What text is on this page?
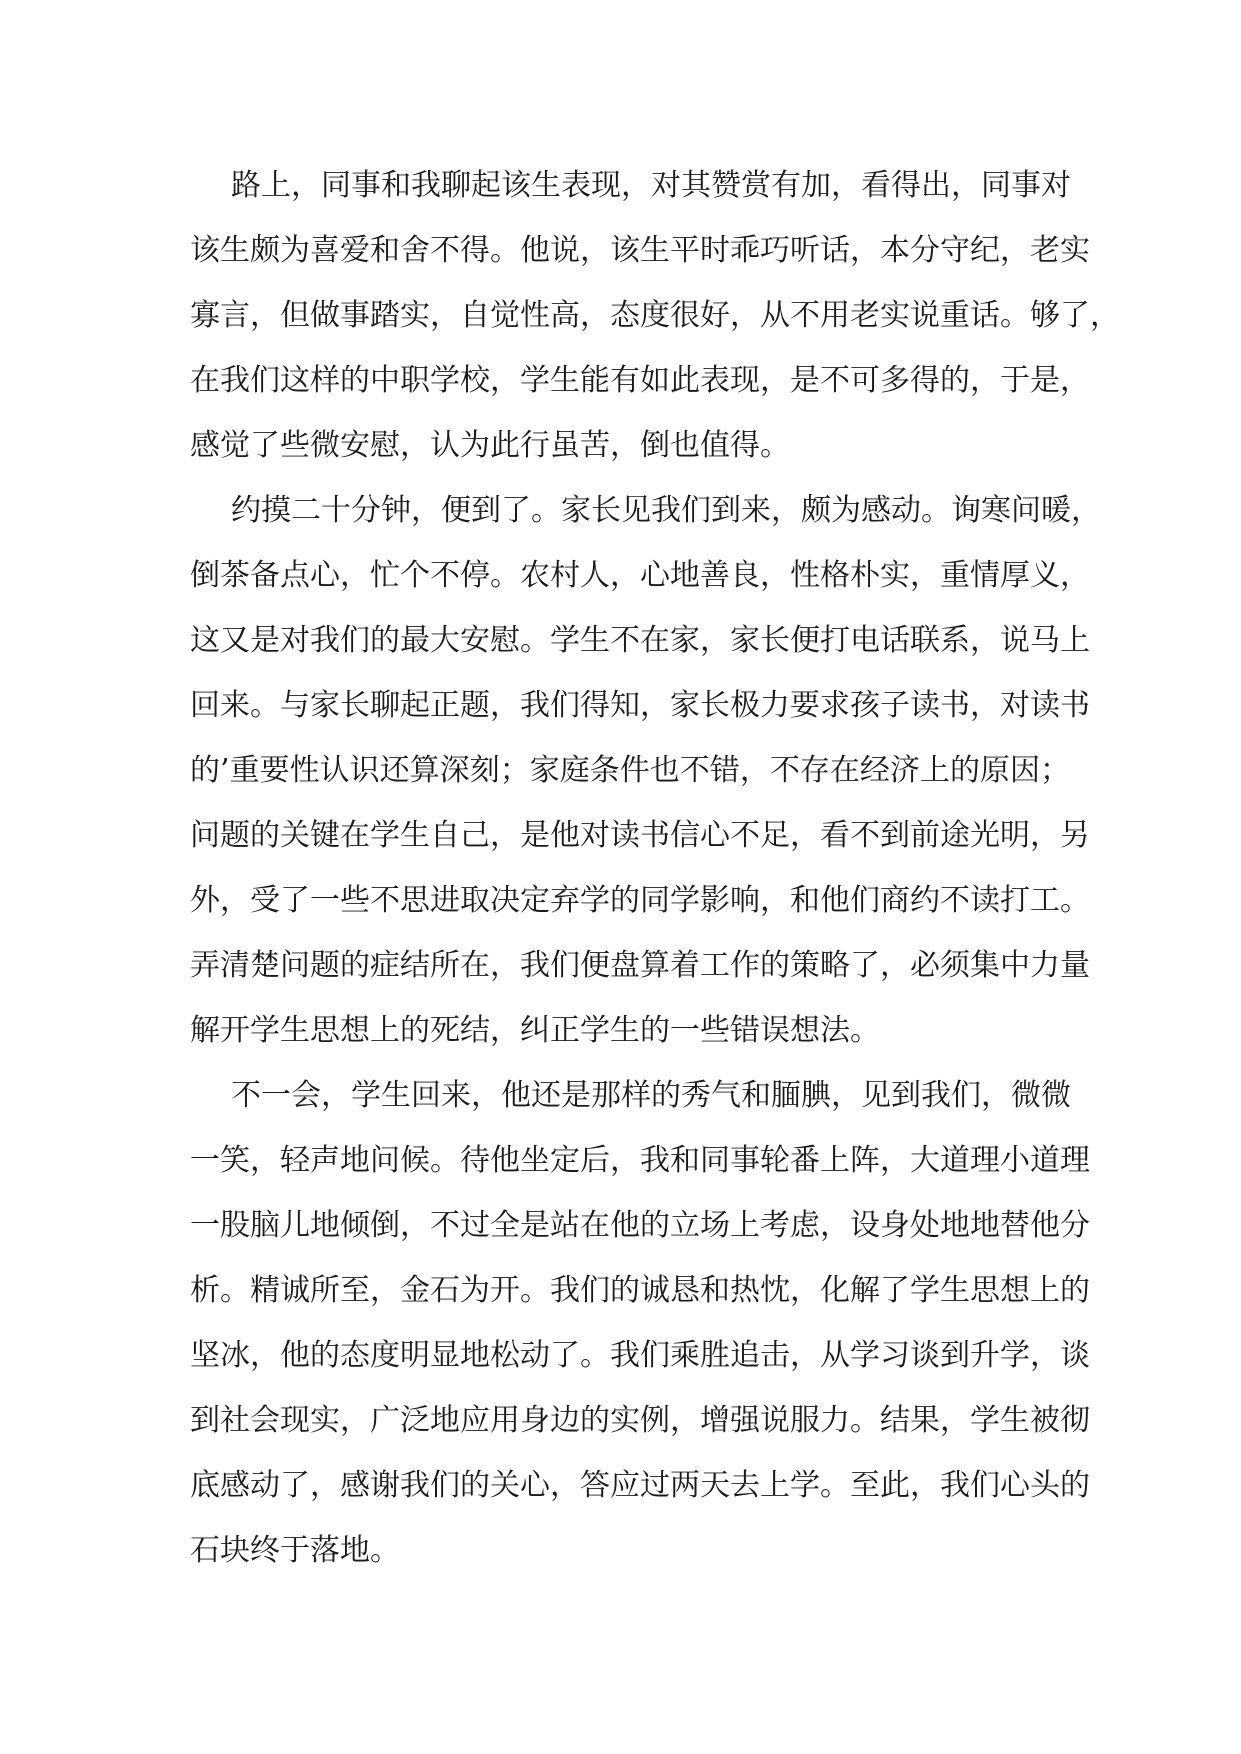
路上，同事和我聊起该生表现，对其赞赏有加，看得出，同事对
该生颇为喜爱和舍不得。他说，该生平时乖巧听话，本分守纪，老实
寡言，但做事踏实，自觉性高，态度很好，从不用老实说重话。够了，
在我们这样的中职学校，学生能有如此表现，是不可多得的，于是，
感觉了些微安慰，认为此行虽苦，倒也值得。

约摸二十分钟，便到了。家长见我们到来，颇为感动。询寒问暖，
倒茶备点心，忙个不停。农村人，心地善良，性格朴实，重情厚义，
这又是对我们的最大安慰。学生不在家，家长便打电话联系，说马上
回来。与家长聊起正题，我们得知，家长极力要求孩子读书，对读书
的’重要性认识还算深刻；家庭条件也不错，不存在经济上的原因；
问题的关键在学生自己，是他对读书信心不足，看不到前途光明，另
外，受了一些不思进取决定弃学的同学影响，和他们商约不读打工。
弄清楚问题的症结所在，我们便盘算着工作的策略了，必须集中力量
解开学生思想上的死结，纠正学生的一些错误想法。

不一会，学生回来，他还是那样的秀气和腼腆，见到我们，微微
一笑，轻声地问候。待他坐定后，我和同事轮番上阵，大道理小道理
一股脑儿地倾倒，不过全是站在他的立场上考虑，设身处地地替他分
析。精诚所至，金石为开。我们的诚恳和热忱，化解了学生思想上的
坚冰，他的态度明显地松动了。我们乘胜追击，从学习谈到升学，谈
到社会现实，广泛地应用身边的实例，增强说服力。结果，学生被彻
底感动了，感谢我们的关心，答应过两天去上学。至此，我们心头的
石块终于落地。
